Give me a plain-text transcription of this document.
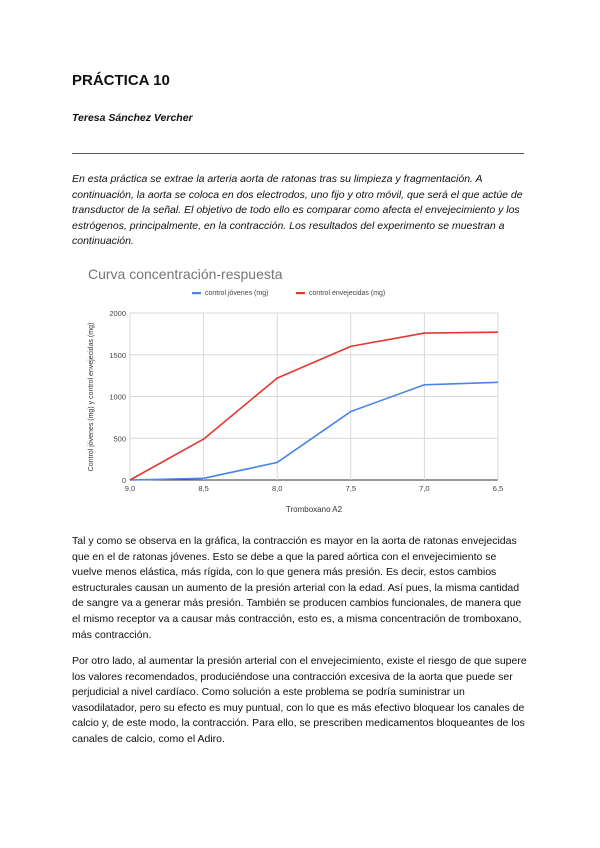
PRÁCTICA 10
Teresa Sánchez Vercher

En esta práctica se extrae la arteria aorta de ratonas tras su limpieza y fragmentación. A continuación, la aorta se coloca en dos electrodos, uno fijo y otro móvil, que será el que actúe de transductor de la señal. El objetivo de todo ello es comparar como afecta el envejecimiento y los estrógenos, principalmente, en la contracción. Los resultados del experimento se muestran a continuación.

Curva concentración-respuesta
control jóvenes (mg)	control envejecidas (mg)
0
500
1000
1500
2000
9,0	8,5	8,0	7,5	7,0	6,5
Tromboxano A2
Control jóvenes (mg) y control envejecidas (mg)

Tal y como se observa en la gráfica, la contracción es mayor en la aorta de ratonas envejecidas que en el de ratonas jóvenes. Esto se debe a que la pared aórtica con el envejecimiento se vuelve menos elástica, más rígida, con lo que genera más presión. Es decir, estos cambios estructurales causan un aumento de la presión arterial con la edad. Así pues, la misma cantidad de sangre va a generar más presión. También se producen cambios funcionales, de manera que el mismo receptor va a causar más contracción, esto es, a misma concentración de tromboxano, más contracción.

Por otro lado, al aumentar la presión arterial con el envejecimiento, existe el riesgo de que supere los valores recomendados, produciéndose una contracción excesiva de la aorta que puede ser perjudicial a nivel cardíaco. Como solución a este problema se podría suministrar un vasodilatador, pero su efecto es muy puntual, con lo que es más efectivo bloquear los canales de calcio y, de este modo, la contracción. Para ello, se prescriben medicamentos bloqueantes de los canales de calcio, como el Adiro.
